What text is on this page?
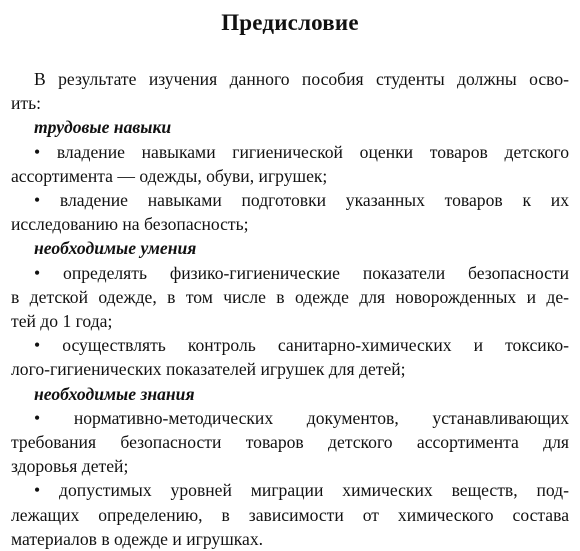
Предисловие
В результате изучения данного пособия студенты должны осво-
ить:
трудовые навыки
• владение навыками гигиенической оценки товаров детского
ассортимента — одежды, обуви, игрушек;
• владение навыками подготовки указанных товаров к их
исследованию на безопасность;
необходимые умения
• определять физико-гигиенические показатели безопасности
в детской одежде, в том числе в одежде для новорожденных и де-
тей до 1 года;
• осуществлять контроль санитарно-химических и токсико-
лого-гигиенических показателей игрушек для детей;
необходимые знания
• нормативно-методических документов, устанавливающих
требования безопасности товаров детского ассортимента для
здоровья детей;
• допустимых уровней миграции химических веществ, под-
лежащих определению, в зависимости от химического состава
материалов в одежде и игрушках.
